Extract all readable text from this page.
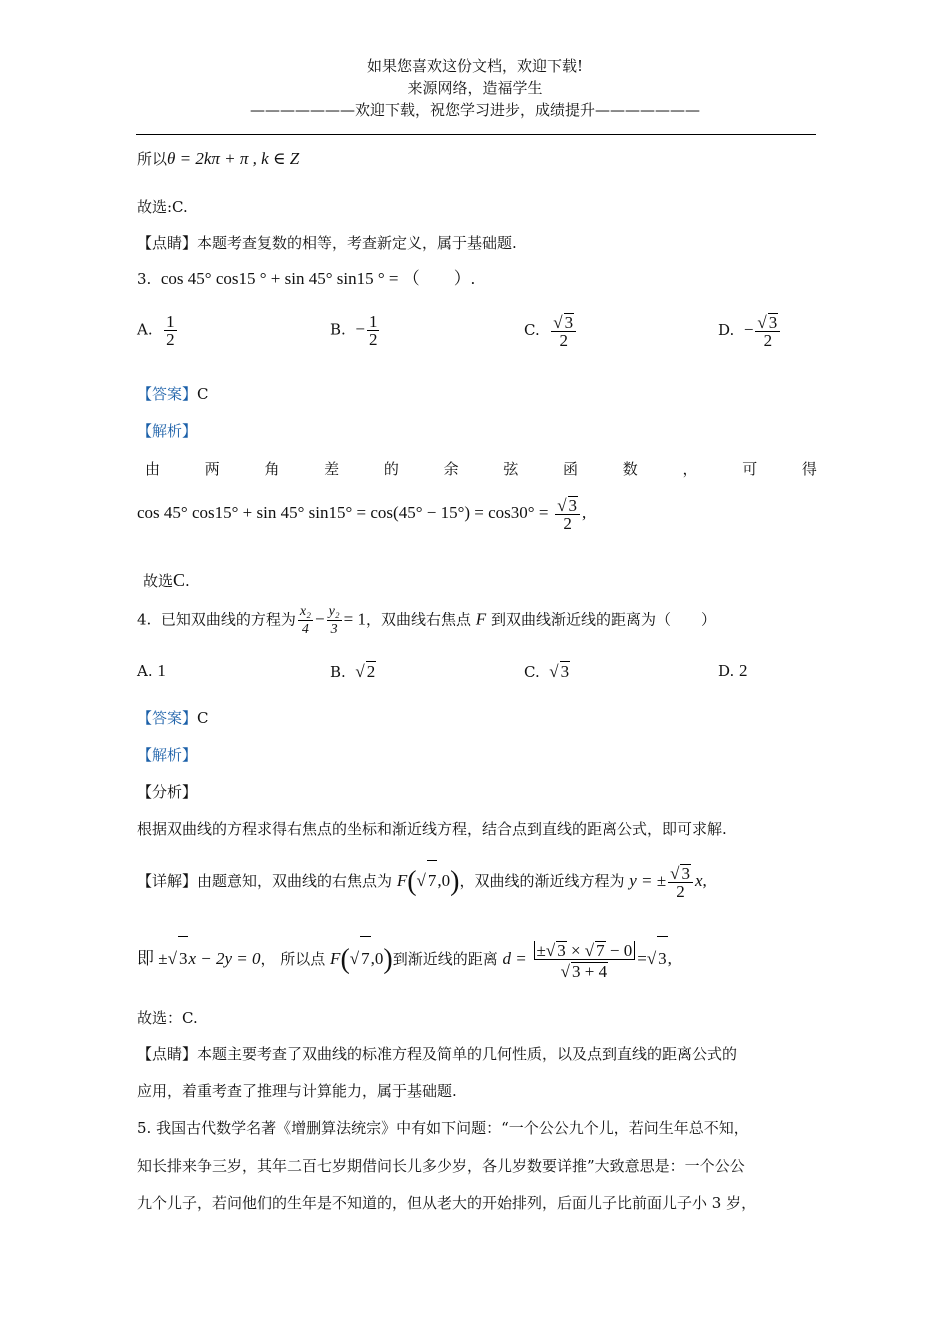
如果您喜欢这份文档，欢迎下载!
来源网络，造福学生
———————欢迎下载，祝您学习进步，成绩提升———————
所以θ = 2kπ + π , k ∈ Z
故选:C.
【点睛】本题考查复数的相等，考查新定义，属于基础题.
3. cos 45° cos15 ° + sin 45° sin15 ° = （　　）.
A. $\frac{1}{2}$	B. − $\frac{1}{2}$	C. $\frac{√ 3}{2}$	D. − $\frac{√ 3}{2}$
【答案】C
【解析】
由	两	角	差	的	余	弦	函	数	，	可	得
cos 45° cos15° + sin 45° $\sin 15^\circ = \cos(45^\circ - 15^\circ) = \cos 30^\circ = \frac{√ 3}{2}$ ,
故选C.
4. 已知双曲线的方程为 $\frac{\text{x₂}}{4} - \frac{\text{y₂}}{3} = 1$，双曲线右焦点 F 到双曲线渐近线的距离为（　　）
A. 1	B. √ 2	C. √ 3	D. 2
【答案】C
【解析】
【分析】
根据双曲线的方程求得右焦点的坐标和渐近线方程，结合点到直线的距离公式，即可求解.
【详解】由题意知，双曲线的右焦点为 F(√ 7,0)，双曲线的渐近线方程为 y = ± $\frac{√ 3}{2} x$,
即 ±√ 3x − 2y = 0， 所以点 F(√ 7,0)到渐近线的距离 $d = \frac{\pm√ 3 \times √ 7 - 0}{√ 3 + 4}$ =√ 3,
故选：C.
【点睛】本题主要考查了双曲线的标准方程及简单的几何性质，以及点到直线的距离公式的
应用，着重考查了推理与计算能力，属于基础题.
5. 我国古代数学名著《增删算法统宗》中有如下问题：“一个公公九个儿，若问生年总不知，
知长排来争三岁，其年二百七岁期借问长儿多少岁，各儿岁数要详推”大致意思是：一个公公
九个儿子，若问他们的生年是不知道的，但从老大的开始排列，后面儿子比前面儿子小 3 岁，
